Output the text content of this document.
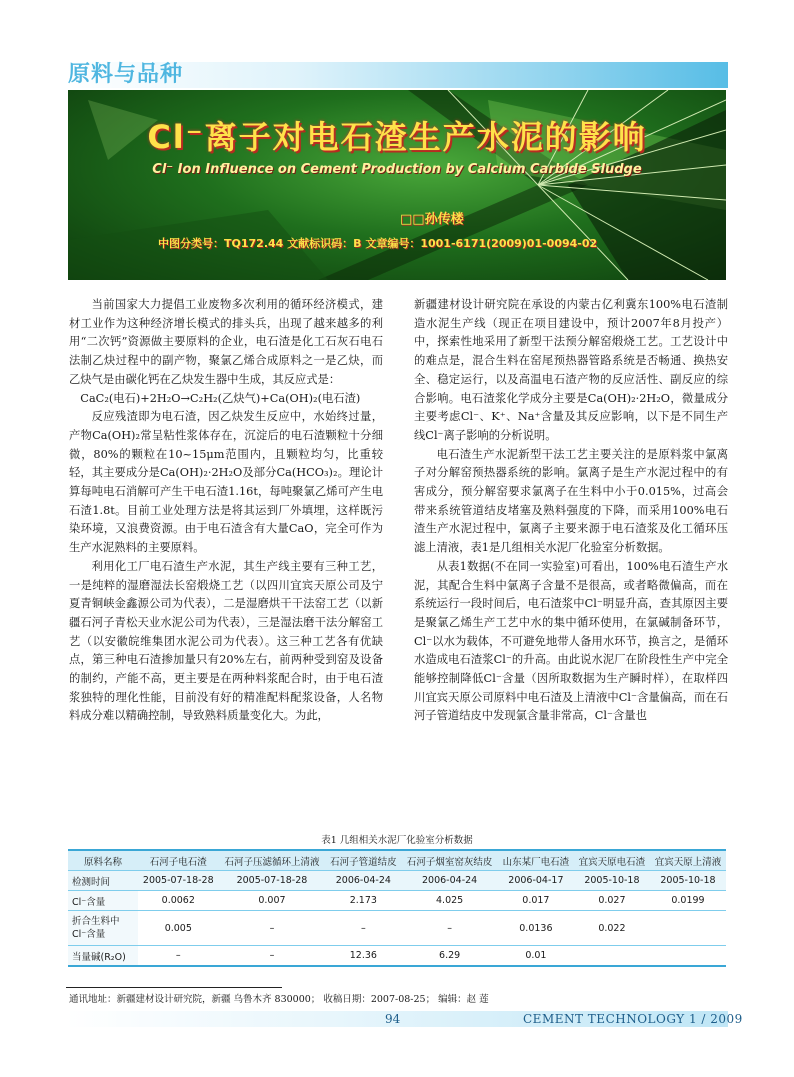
原料与品种
Cl⁻离子对电石渣生产水泥的影响
Cl⁻ Ion Influence on Cement Production by Calcium Carbide Sludge
□□孙传楼
中图分类号：TQ172.44 文献标识码：B 文章编号：1001-6171(2009)01-0094-02

当前国家大力提倡工业废物多次利用的循环经济模式，建材工业作为这种经济增长模式的排头兵，出现了越来越多的利用“二次钙”资源做主要原料的企业，电石渣是化工石灰石电石法制乙炔过程中的副产物，聚氯乙烯合成原料之一是乙炔，而乙炔气是由碳化钙在乙炔发生器中生成，其反应式是：

CaC₂(电石)+2H₂O→C₂H₂(乙炔气)+Ca(OH)₂(电石渣)

反应残渣即为电石渣，因乙炔发生反应中，水始终过量，产物Ca(OH)₂常呈粘性浆体存在，沉淀后的电石渣颗粒十分细微，80%的颗粒在10~15μm范围内，且颗粒均匀，比重较轻，其主要成分是Ca(OH)₂·2H₂O及部分Ca(HCO₃)₂。理论计算每吨电石消解可产生干电石渣1.16t，每吨聚氯乙烯可产生电石渣1.8t。目前工业处理方法是将其运到厂外填埋，这样既污染环境，又浪费资源。由于电石渣含有大量CaO，完全可作为生产水泥熟料的主要原料。

利用化工厂电石渣生产水泥，其生产线主要有三种工艺，一是纯粹的湿磨湿法长窑煅烧工艺（以四川宜宾天原公司及宁夏青铜峡金鑫源公司为代表），二是湿磨烘干干法窑工艺（以新疆石河子青松天业水泥公司为代表），三是湿法磨干法分解窑工艺（以安徽皖维集团水泥公司为代表）。这三种工艺各有优缺点，第三种电石渣掺加量只有20%左右，前两种受到窑及设备的制约，产能不高，更主要是在两种料浆配合时，由于电石渣浆独特的理化性能，目前没有好的精准配料配浆设备，人名物料成分难以精确控制，导致熟料质量变化大。为此，

新疆建材设计研究院在承设的内蒙古亿利冀东100%电石渣制造水泥生产线（现正在项目建设中，预计2007年8月投产）中，探索性地采用了新型干法预分解窑煅烧工艺。工艺设计中的难点是，混合生料在窑尾预热器管路系统是否畅通、换热安全、稳定运行，以及高温电石渣产物的反应活性、副反应的综合影响。电石渣浆化学成分主要是Ca(OH)₂·2H₂O，微量成分主要考虑Cl⁻、K⁺、Na⁺含量及其反应影响，以下是不同生产线Cl⁻离子影响的分析说明。

电石渣生产水泥新型干法工艺主要关注的是原料浆中氯离子对分解窑预热器系统的影响。氯离子是生产水泥过程中的有害成分，预分解窑要求氯离子在生料中小于0.015%，过高会带来系统管道结皮堵塞及熟料强度的下降，而采用100%电石渣生产水泥过程中，氯离子主要来源于电石渣浆及化工循环压滤上清液，表1是几组相关水泥厂化验室分析数据。

从表1数据(不在同一实验室)可看出，100%电石渣生产水泥，其配合生料中氯离子含量不是很高，或者略微偏高，而在系统运行一段时间后，电石渣浆中Cl⁻明显升高，查其原因主要是聚氯乙烯生产工艺中水的集中循环使用，在氯碱制备环节，Cl⁻以水为载体，不可避免地带人备用水环节，换言之，是循环水造成电石渣浆Cl⁻的升高。由此说水泥厂在阶段性生产中完全能够控制降低Cl⁻含量（因所取数据为生产瞬时样），在取样四川宜宾天原公司原料中电石渣及上清液中Cl⁻含量偏高，而在石河子管道结皮中发现氯含量非常高，Cl⁻含量也

表1 几组相关水泥厂化验室分析数据
原料名称	石河子电石渣	石河子压滤循环上清液	石河子管道结皮	石河子烟室窑灰结皮	山东某厂电石渣	宜宾天原电石渣	宜宾天原上清液
检测时间	2005-07-18-28	2005-07-18-28	2006-04-24	2006-04-24	2006-04-17	2005-10-18	2005-10-18
Cl⁻含量	0.0062	0.007	2.173	4.025	0.017	0.027	0.0199
折合生料中 Cl⁻含量	0.005	–	–	–	0.0136	0.022	
当量碱(R₂O)	–	–	12.36	6.29	0.01		
通讯地址：新疆建材设计研究院，新疆 乌鲁木齐 830000； 收稿日期：2007-08-25； 编辑：赵 莲
94	CEMENT TECHNOLOGY 1 / 2009
